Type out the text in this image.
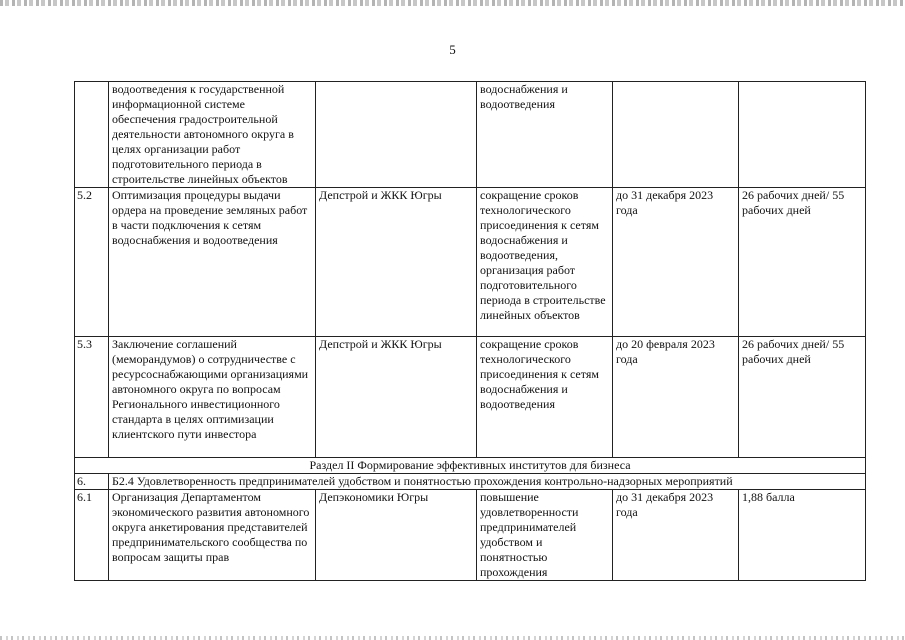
5
	водоотведения к государственной информационной системе обеспечения градостроительной деятельности автономного округа в целях организации работ подготовительного периода в строительстве линейных объектов		водоснабжения и водоотведения		
5.2	Оптимизация процедуры выдачи ордера на проведение земляных работ в части подключения к сетям водоснабжения и водоотведения	Депстрой и ЖКК Югры	сокращение сроков технологического присоединения к сетям водоснабжения и водоотведения, организация работ подготовительного периода в строительстве линейных объектов	до 31 декабря 2023 года	26 рабочих дней/ 55 рабочих дней
5.3	Заключение соглашений (меморандумов) о сотрудничестве с ресурсоснабжающими организациями автономного округа по вопросам Регионального инвестиционного стандарта в целях оптимизации клиентского пути инвестора	Депстрой и ЖКК Югры	сокращение сроков технологического присоединения к сетям водоснабжения и водоотведения	до 20 февраля 2023 года	26 рабочих дней/ 55 рабочих дней
Раздел II Формирование эффективных институтов для бизнеса					
6.	Б2.4 Удовлетворенность предпринимателей удобством и понятностью прохождения контрольно-надзорных мероприятий				
6.1	Организация Департаментом экономического развития автономного округа анкетирования представителей предпринимательского сообщества по вопросам защиты прав	Депэкономики Югры	повышение удовлетворенности предпринимателей удобством и понятностью прохождения	до 31 декабря 2023 года	1,88 балла
